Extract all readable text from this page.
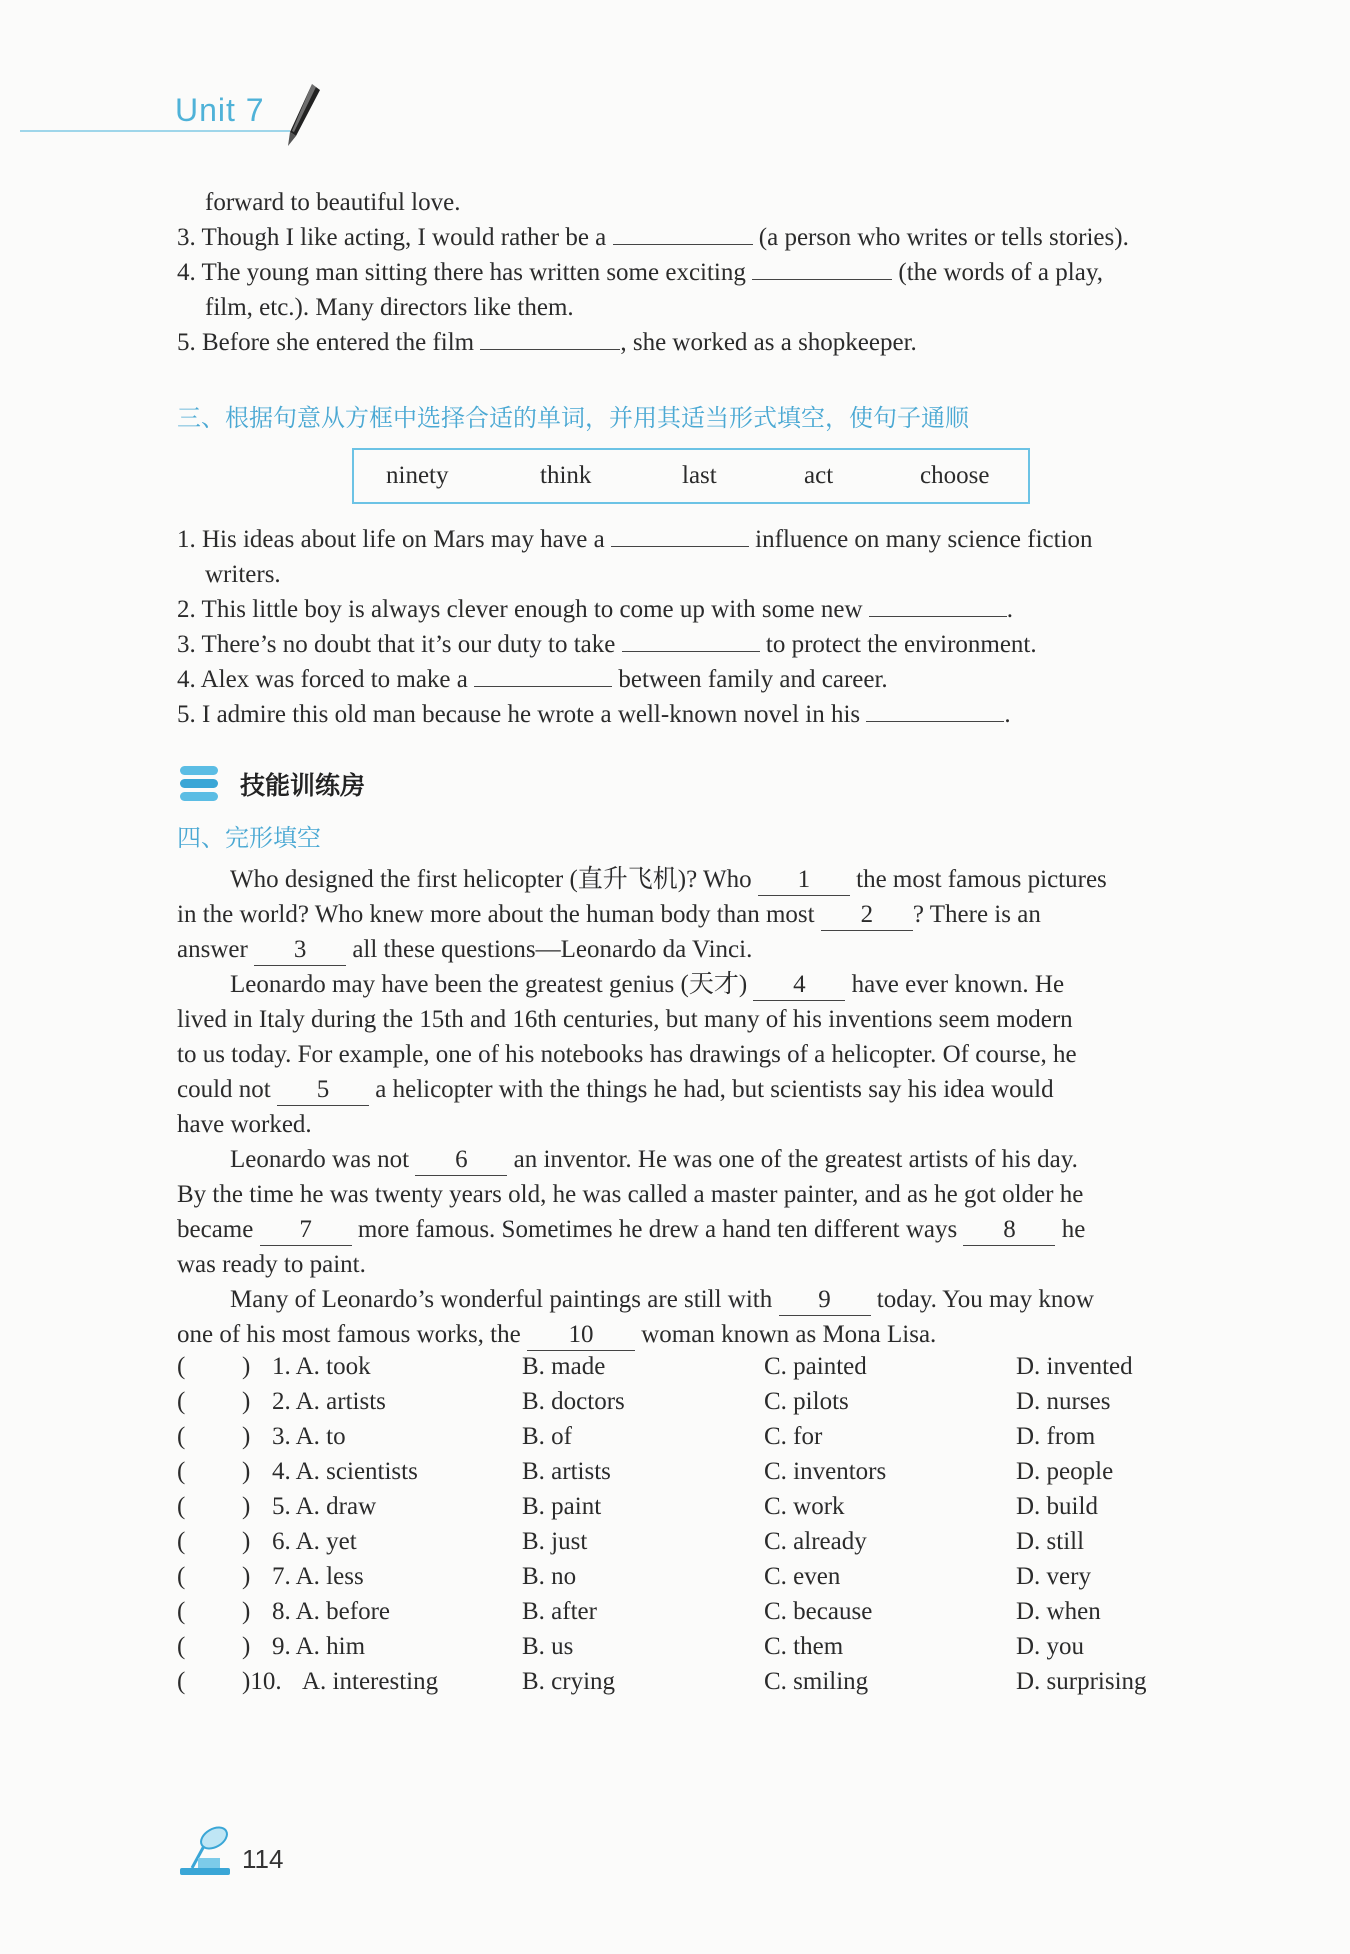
Unit 7
forward to beautiful love.
3. Though I like acting, I would rather be a	(a person who writes or tells stories).
4. The young man sitting there has written some exciting	(the words of a play,
film, etc.). Many directors like them.
5. Before she entered the film	, she worked as a shopkeeper.
三、根据句意从方框中选择合适的单词，并用其适当形式填空，使句子通顺
ninety	think	last	act	choose
1. His ideas about life on Mars may have a	influence on many science fiction
writers.
2. This little boy is always clever enough to come up with some new	.
3. There’s no doubt that it’s our duty to take	to protect the environment.
4. Alex was forced to make a	between family and career.
5. I admire this old man because he wrote a well-known novel in his	.
技能训练房
四、完形填空
Who designed the first helicopter (直升飞机)? Who 1 the most famous pictures
in the world? Who knew more about the human body than most 2 ? There is an
answer 3 all these questions—Leonardo da Vinci.
Leonardo may have been the greatest genius (天才) 4 have ever known. He
lived in Italy during the 15th and 16th centuries, but many of his inventions seem modern
to us today. For example, one of his notebooks has drawings of a helicopter. Of course, he
could not 5 a helicopter with the things he had, but scientists say his idea would
have worked.
Leonardo was not 6 an inventor. He was one of the greatest artists of his day.
By the time he was twenty years old, he was called a master painter, and as he got older he
became 7 more famous. Sometimes he drew a hand ten different ways 8 he
was ready to paint.
Many of Leonardo’s wonderful paintings are still with 9 today. You may know
one of his most famous works, the 10 woman known as Mona Lisa.
( ) 1. A. took	B. made	C. painted	D. invented
( ) 2. A. artists	B. doctors	C. pilots	D. nurses
( ) 3. A. to	B. of	C. for	D. from
( ) 4. A. scientists	B. artists	C. inventors	D. people
( ) 5. A. draw	B. paint	C. work	D. build
( ) 6. A. yet	B. just	C. already	D. still
( ) 7. A. less	B. no	C. even	D. very
( ) 8. A. before	B. after	C. because	D. when
( ) 9. A. him	B. us	C. them	D. you
( )10. A. interesting	B. crying	C. smiling	D. surprising
114
